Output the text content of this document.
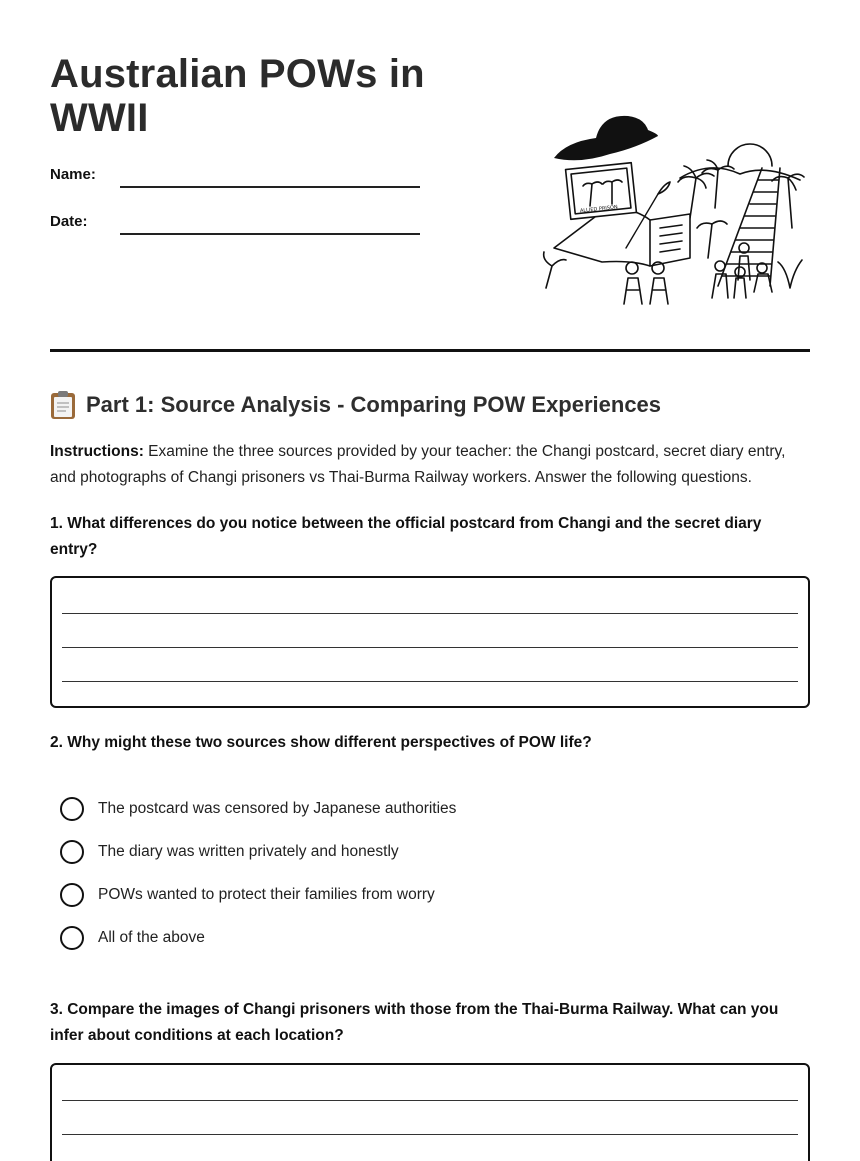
Australian POWs in WWII
Name:
Date:
ALLIED PRISON
Part 1: Source Analysis - Comparing POW Experiences
Instructions: Examine the three sources provided by your teacher: the Changi postcard, secret diary entry, and photographs of Changi prisoners vs Thai-Burma Railway workers. Answer the following questions.
1. What differences do you notice between the official postcard from Changi and the secret diary entry?
2. Why might these two sources show different perspectives of POW life?
The postcard was censored by Japanese authorities
The diary was written privately and honestly
POWs wanted to protect their families from worry
All of the above
3. Compare the images of Changi prisoners with those from the Thai-Burma Railway. What can you infer about conditions at each location?
